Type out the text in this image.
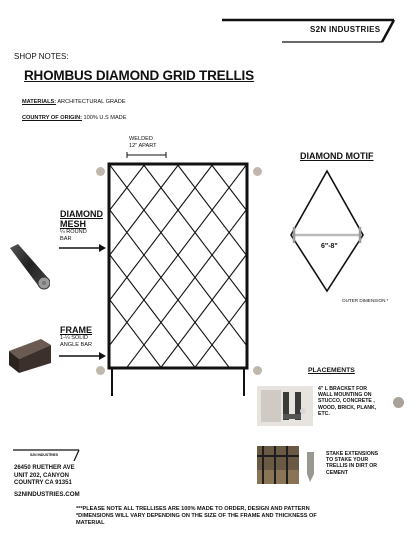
S2N INDUSTRIES
SHOP NOTES:
RHOMBUS DIAMOND GRID TRELLIS
MATERIALS: ARCHITECTURAL GRADE
COUNTRY OF ORIGIN: 100% U.S MADE
WELDED
12" APART
DIAMOND
MESH
¼ ROUND
BAR
FRAME
1-¼ SOLID
ANGLE BAR
DIAMOND MOTIF
6"-8"
OUTER DIMENSION *
PLACEMENTS
4" L BRACKET FOR
WALL MOUNTING ON
STUCCO, CONCRETE ,
WOOD, BRICK, PLANK,
ETC.
STAKE EXTENSIONS
TO STAKE YOUR
TRELLIS IN DIRT OR
CEMENT
S2N INDUSTRIES
26450 RUETHER AVE
UNIT 202, CANYON
COUNTRY CA 91351
S2NINDUSTRIES.COM
***PLEASE NOTE ALL TRELLISES ARE 100% MADE TO ORDER, DESIGN AND PATTERN
*DIMENSIONS WILL VARY DEPENDING ON THE SIZE OF THE FRAME AND THICKNESS OF
MATERIAL
